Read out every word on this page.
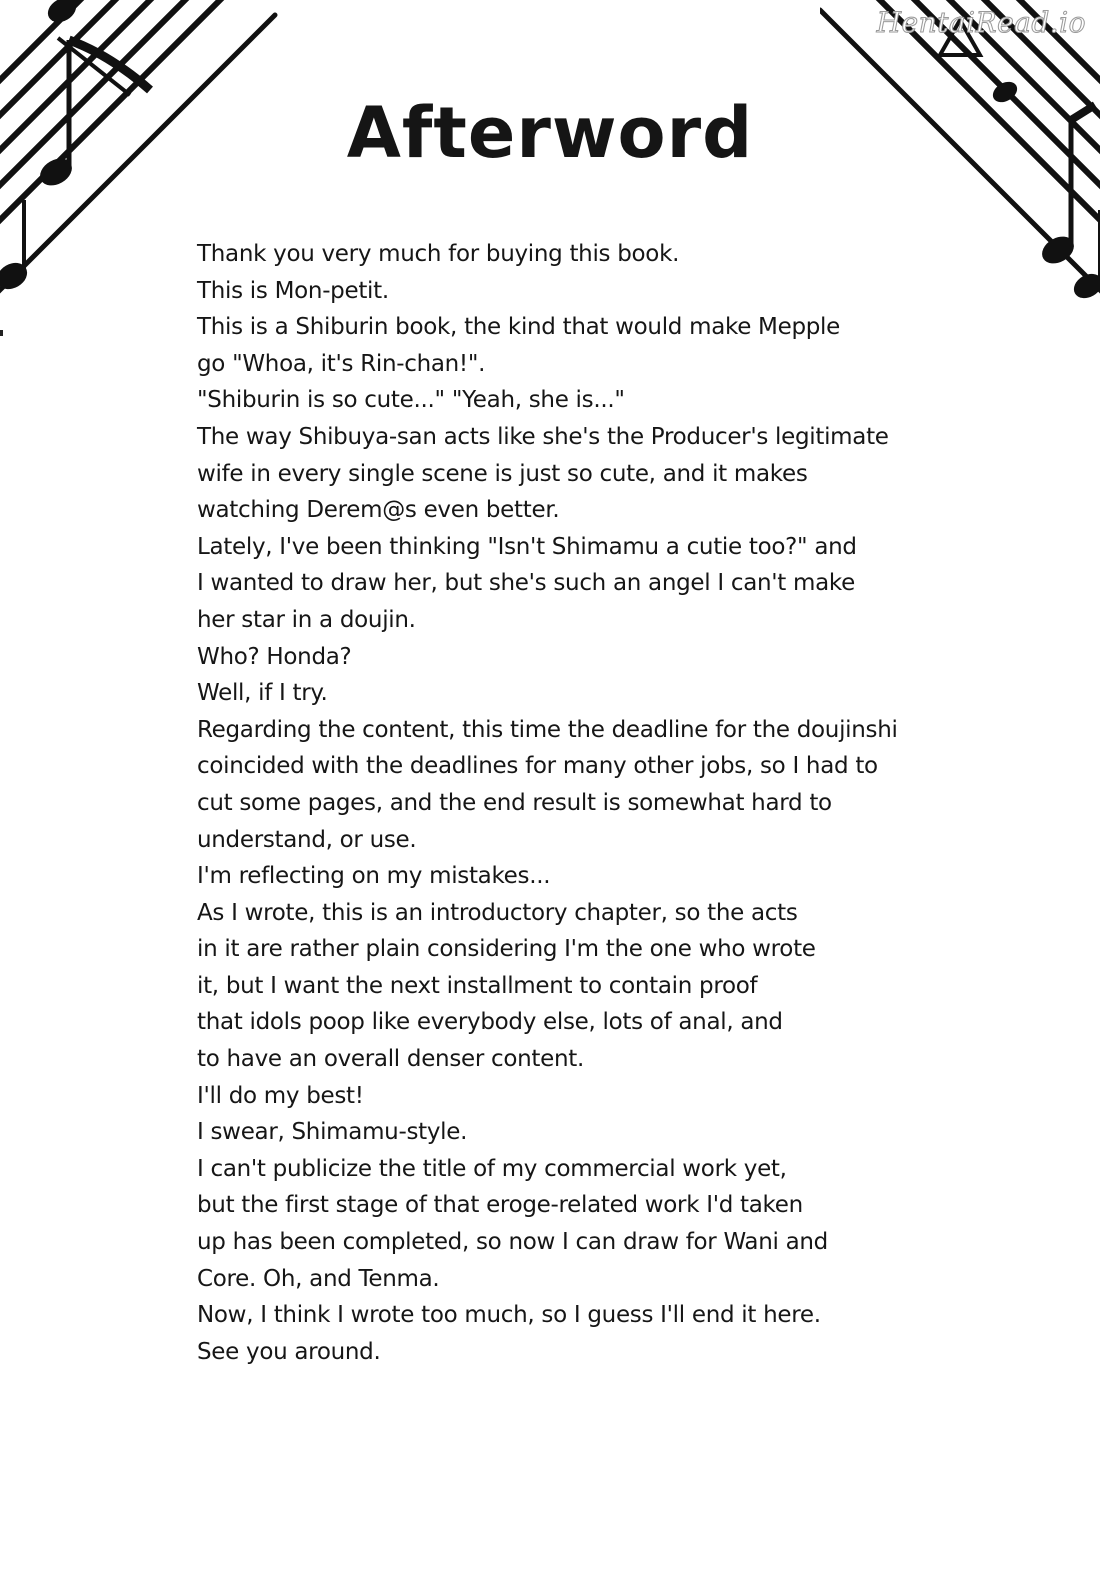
HentaiRead.io
Afterword
Thank you very much for buying this book.
This is Mon-petit.
This is a Shiburin book, the kind that would make Mepple
go "Whoa, it's Rin-chan!".
"Shiburin is so cute..." "Yeah, she is..."
The way Shibuya-san acts like she's the Producer's legitimate
wife in every single scene is just so cute, and it makes
watching Derem@s even better.
Lately, I've been thinking "Isn't Shimamu a cutie too?" and
I wanted to draw her, but she's such an angel I can't make
her star in a doujin.
Who? Honda?
Well, if I try.
Regarding the content, this time the deadline for the doujinshi
coincided with the deadlines for many other jobs, so I had to
cut some pages, and the end result is somewhat hard to
understand, or use.
I'm reflecting on my mistakes...
As I wrote, this is an introductory chapter, so the acts
in it are rather plain considering I'm the one who wrote
it, but I want the next installment to contain proof
that idols poop like everybody else, lots of anal, and
to have an overall denser content.
I'll do my best!
I swear, Shimamu-style.
I can't publicize the title of my commercial work yet,
but the first stage of that eroge-related work I'd taken
up has been completed, so now I can draw for Wani and
Core. Oh, and Tenma.
Now, I think I wrote too much, so I guess I'll end it here.
See you around.
